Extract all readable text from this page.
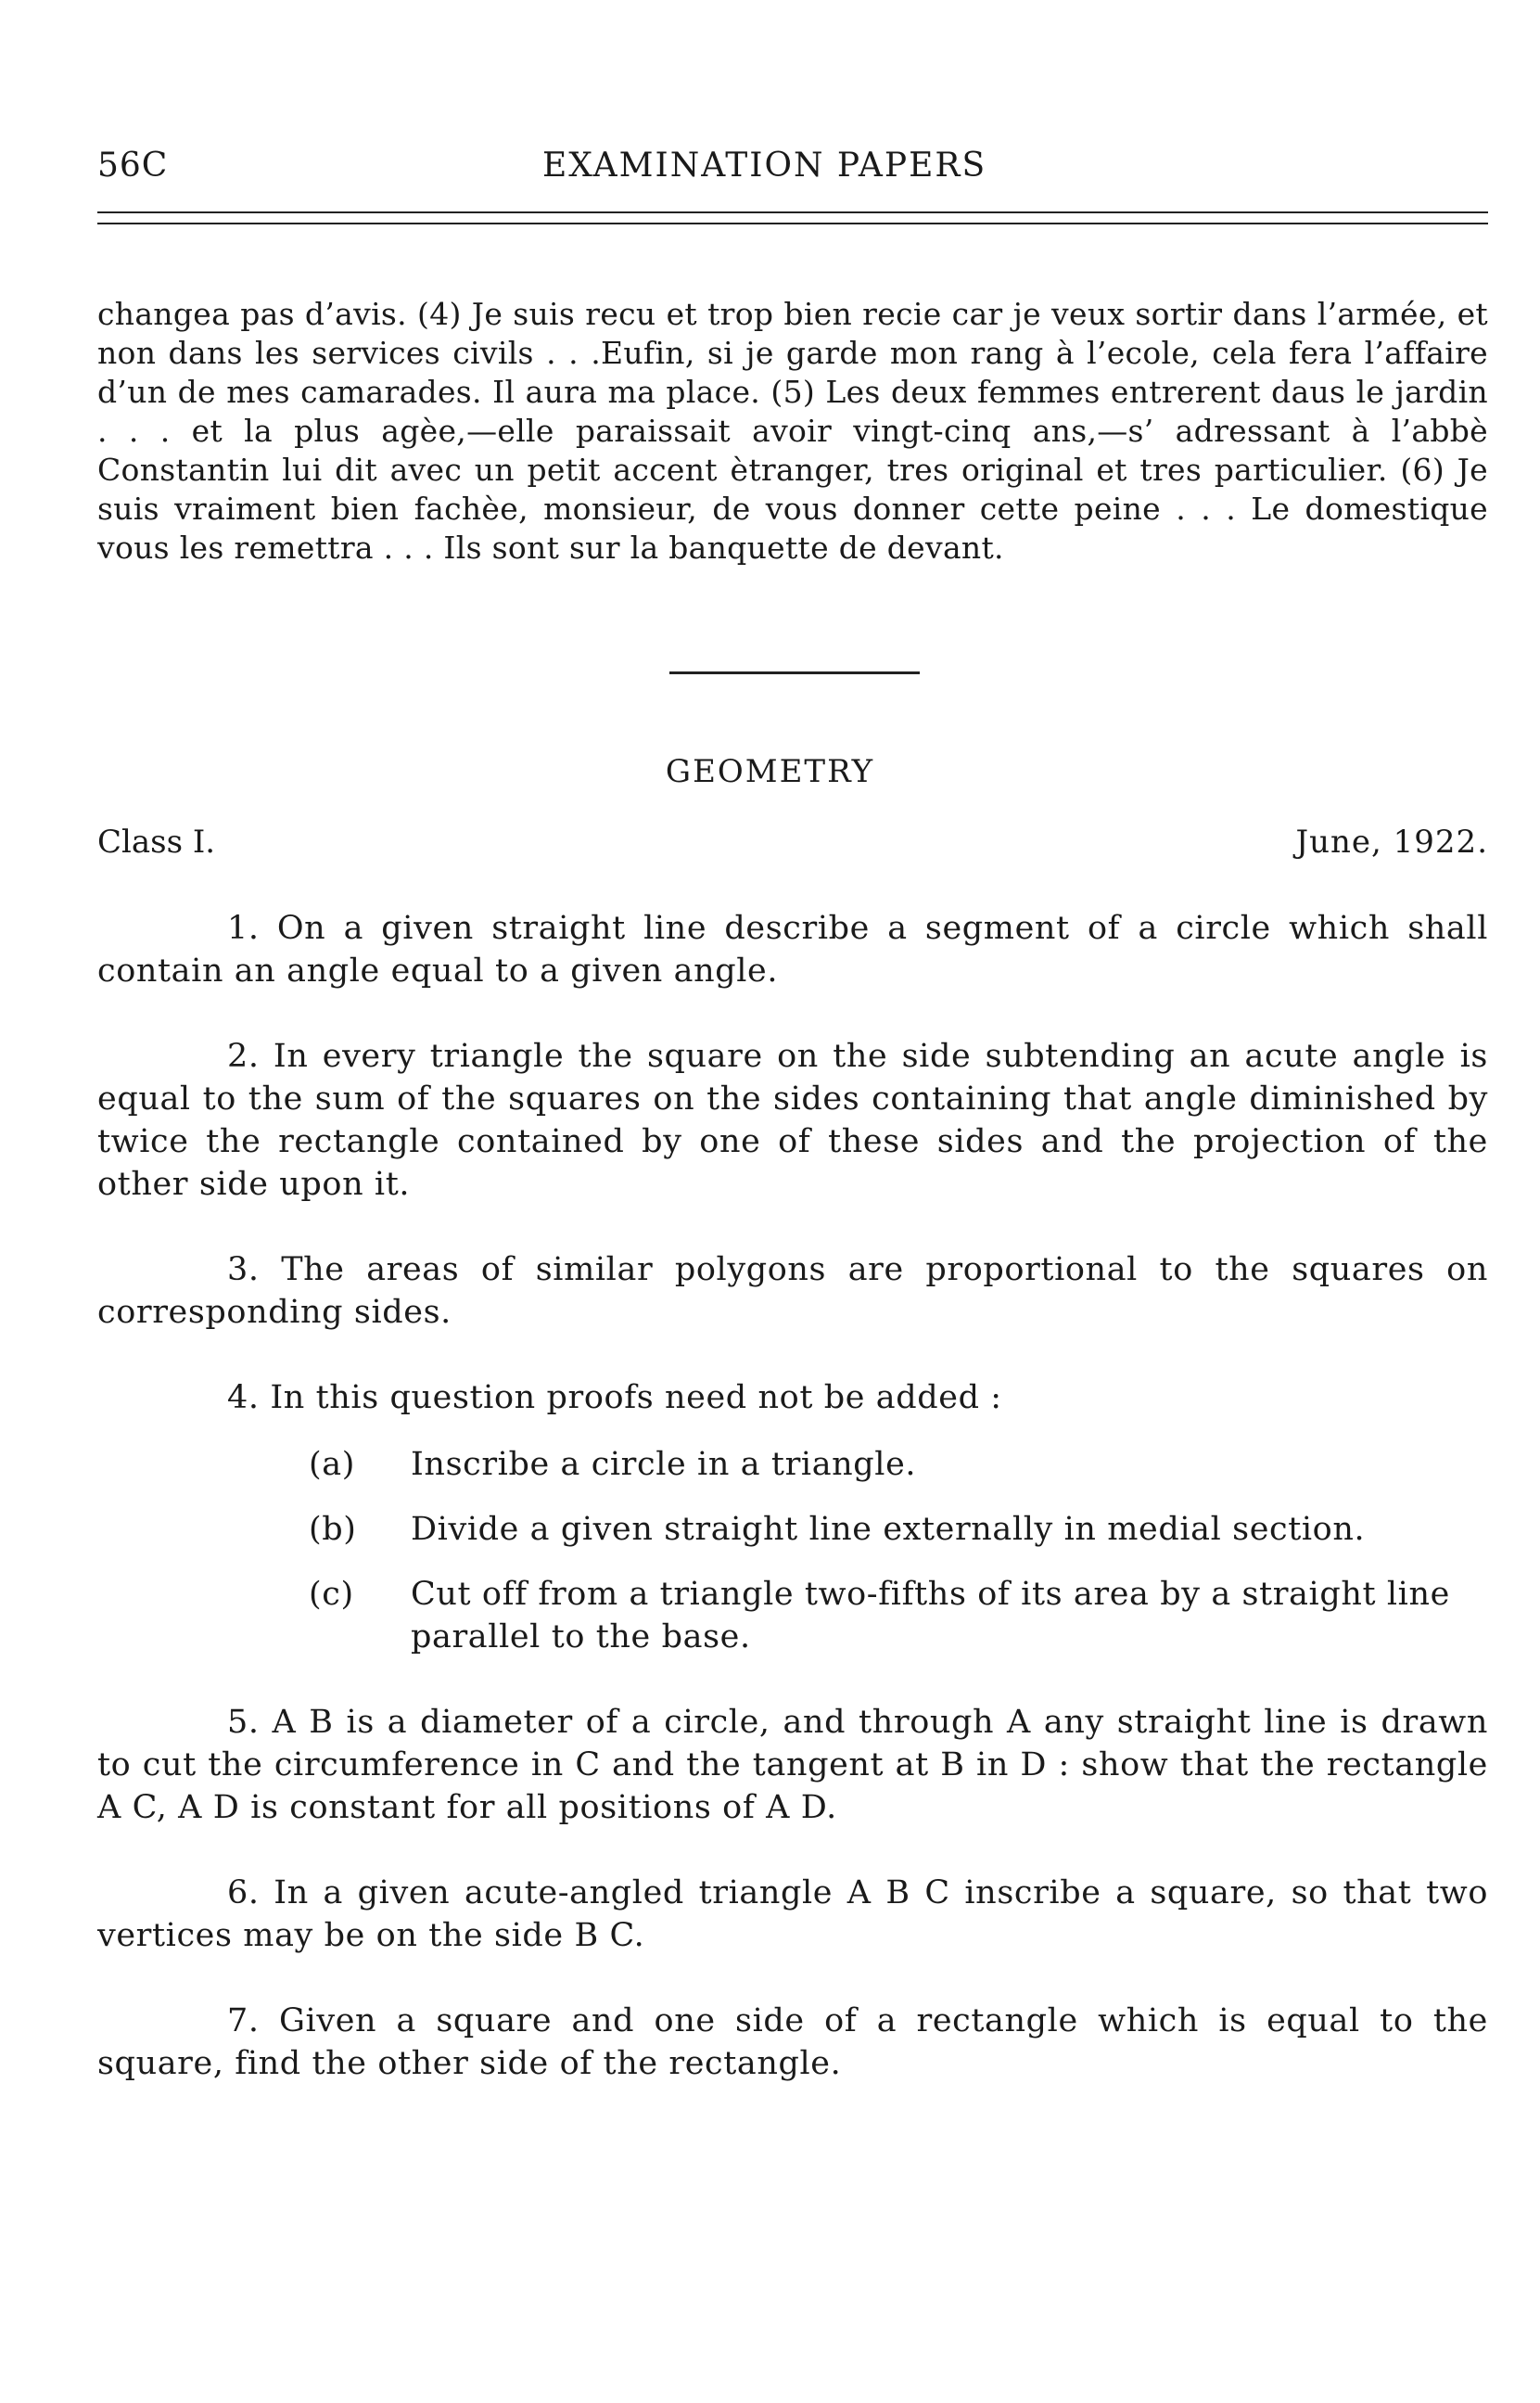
56C	EXAMINATION PAPERS

changea pas d’avis. (4) Je suis recu et trop bien recie car je veux sortir dans l’armée, et non dans les services civils . . .Eufin, si je garde mon rang à l’ecole, cela fera l’affaire d’un de mes camarades. Il aura ma place. (5) Les deux femmes entrerent daus le jardin . . . et la plus agèe,—elle paraissait avoir vingt-cinq ans,—s’ adressant à l’abbè Constantin lui dit avec un petit accent ètranger, tres original et tres particulier. (6) Je suis vraiment bien fachèe, monsieur, de vous donner cette peine . . . Le domestique vous les remettra . . . Ils sont sur la banquette de devant.

GEOMETRY
Class I.	June, 1922.

1. On a given straight line describe a segment of a circle which shall contain an angle equal to a given angle.

2. In every triangle the square on the side subtending an acute angle is equal to the sum of the squares on the sides containing that angle diminished by twice the rectangle contained by one of these sides and the projection of the other side upon it.

3. The areas of similar polygons are proportional to the squares on corresponding sides.

4. In this question proofs need not be added :

(a) Inscribe a circle in a triangle.
(b) Divide a given straight line externally in medial section.
(c) Cut off from a triangle two-fifths of its area by a straight line parallel to the base.

5. A B is a diameter of a circle, and through A any straight line is drawn to cut the circumference in C and the tangent at B in D : show that the rectangle A C, A D is constant for all positions of A D.

6. In a given acute-angled triangle A B C inscribe a square, so that two vertices may be on the side B C.

7. Given a square and one side of a rectangle which is equal to the square, find the other side of the rectangle.
